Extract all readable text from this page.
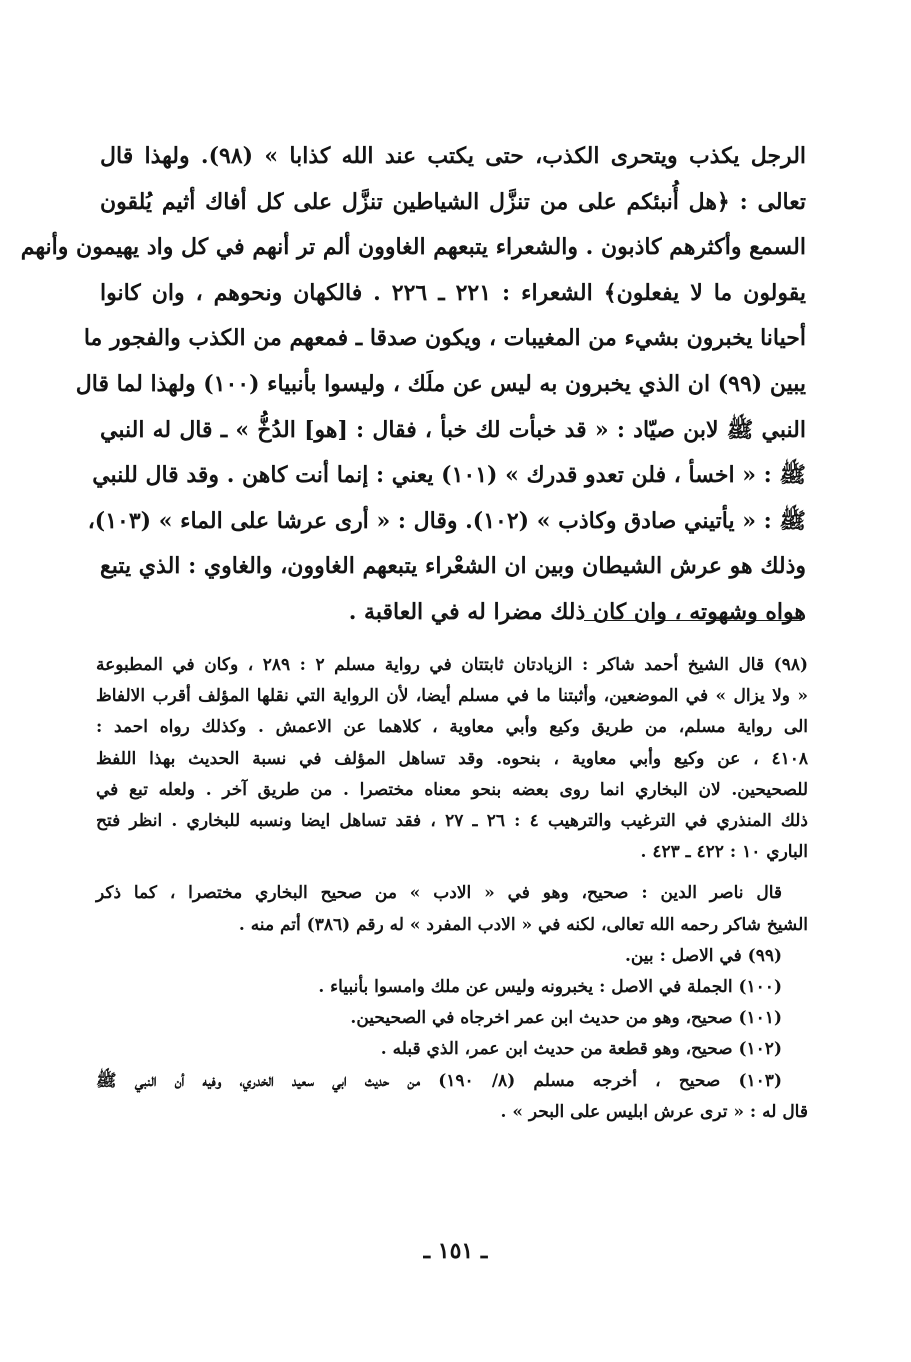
الرجل يكذب ويتحرى الكذب، حتى يكتب عند الله كذابا » (٩٨). ولهذا قال
تعالى : ﴿هل أُنبئكم على من تنزَّل الشياطين تنزَّل على كل أفاك أثيم يُلقون
السمع وأكثرهم كاذبون . والشعراء يتبعهم الغاوون ألم تر أنهم في كل واد يهيمون وأنهم
يقولون ما لا يفعلون﴾ الشعراء : ٢٢١ ـ ٢٢٦ . فالكهان ونحوهم ، وان كانوا
أحيانا يخبرون بشيء من المغيبات ، ويكون صدقا ـ فمعهم من الكذب والفجور ما
يبين (٩٩) ان الذي يخبرون به ليس عن ملَك ، وليسوا بأنبياء (١٠٠) ولهذا لما قال
النبي ﷺ لابن صيّاد : « قد خبأت لك خبأ ، فقال : [هو] الدُخُّ » ـ قال له النبي
ﷺ : « اخسأ ، فلن تعدو قدرك » (١٠١) يعني : إنما أنت كاهن . وقد قال للنبي
ﷺ : « يأتيني صادق وكاذب » (١٠٢). وقال : « أرى عرشا على الماء » (١٠٣)،
وذلك هو عرش الشيطان وبين ان الشعْراء يتبعهم الغاوون، والغاوي : الذي يتبع
هواه وشهوته ، وان كان ذلك مضرا له في العاقبة .
(٩٨) قال الشيخ أحمد شاكر : الزيادتان ثابتتان في رواية مسلم ٢ : ٢٨٩ ، وكان في المطبوعة
« ولا يزال » في الموضعين، وأثبتنا ما في مسلم أيضا، لأن الرواية التي نقلها المؤلف أقرب الالفاظ
الى رواية مسلم، من طريق وكيع وأبي معاوية ، كلاهما عن الاعمش . وكذلك رواه احمد :
٤١٠٨ ، عن وكيع وأبي معاوية ، بنحوه. وقد تساهل المؤلف في نسبة الحديث بهذا اللفظ
للصحيحين. لان البخاري انما روى بعضه بنحو معناه مختصرا . من طريق آخر . ولعله تبع في
ذلك المنذري في الترغيب والترهيب ٤ : ٢٦ ـ ٢٧ ، فقد تساهل ايضا ونسبه للبخاري . انظر فتح
الباري ١٠ : ٤٢٢ ـ ٤٢٣ .
قال ناصر الدين : صحيح، وهو في « الادب » من صحيح البخاري مختصرا ، كما ذكر
الشيخ شاكر رحمه الله تعالى، لكنه في « الادب المفرد » له رقم (٣٨٦) أتم منه .
(٩٩) في الاصل : بين.
(١٠٠) الجملة في الاصل : يخبرونه وليس عن ملك وامسوا بأنبياء .
(١٠١) صحيح، وهو من حديث ابن عمر اخرجاه في الصحيحين.
(١٠٢) صحيح، وهو قطعة من حديث ابن عمر، الذي قبله .
(١٠٣) صحيح ، أخرجه مسلم (٨/ ١٩٠) من حديث ابي سعيد الخدري، وفيه أن النبي ﷺ
قال له : « ترى عرش ابليس على البحر » .
ـ ١٥١ ـ
